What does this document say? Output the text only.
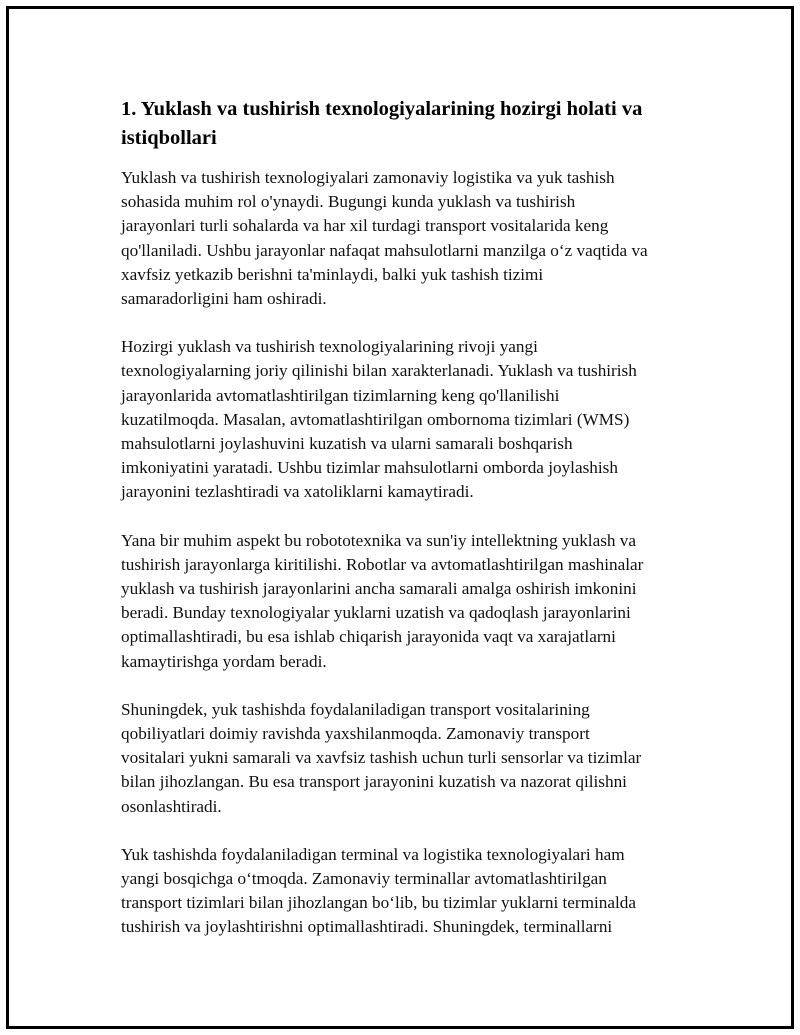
1. Yuklash va tushirish texnologiyalarining hozirgi holati va
istiqbollari

Yuklash va tushirish texnologiyalari zamonaviy logistika va yuk tashish
sohasida muhim rol o'ynaydi. Bugungi kunda yuklash va tushirish
jarayonlari turli sohalarda va har xil turdagi transport vositalarida keng
qo'llaniladi. Ushbu jarayonlar nafaqat mahsulotlarni manzilga o‘z vaqtida va
xavfsiz yetkazib berishni ta'minlaydi, balki yuk tashish tizimi
samaradorligini ham oshiradi.

Hozirgi yuklash va tushirish texnologiyalarining rivoji yangi
texnologiyalarning joriy qilinishi bilan xarakterlanadi. Yuklash va tushirish
jarayonlarida avtomatlashtirilgan tizimlarning keng qo'llanilishi
kuzatilmoqda. Masalan, avtomatlashtirilgan ombornoma tizimlari (WMS)
mahsulotlarni joylashuvini kuzatish va ularni samarali boshqarish
imkoniyatini yaratadi. Ushbu tizimlar mahsulotlarni omborda joylashish
jarayonini tezlashtiradi va xatoliklarni kamaytiradi.

Yana bir muhim aspekt bu robototexnika va sun'iy intellektning yuklash va
tushirish jarayonlarga kiritilishi. Robotlar va avtomatlashtirilgan mashinalar
yuklash va tushirish jarayonlarini ancha samarali amalga oshirish imkonini
beradi. Bunday texnologiyalar yuklarni uzatish va qadoqlash jarayonlarini
optimallashtiradi, bu esa ishlab chiqarish jarayonida vaqt va xarajatlarni
kamaytirishga yordam beradi.

Shuningdek, yuk tashishda foydalaniladigan transport vositalarining
qobiliyatlari doimiy ravishda yaxshilanmoqda. Zamonaviy transport
vositalari yukni samarali va xavfsiz tashish uchun turli sensorlar va tizimlar
bilan jihozlangan. Bu esa transport jarayonini kuzatish va nazorat qilishni
osonlashtiradi.

Yuk tashishda foydalaniladigan terminal va logistika texnologiyalari ham
yangi bosqichga o‘tmoqda. Zamonaviy terminallar avtomatlashtirilgan
transport tizimlari bilan jihozlangan bo‘lib, bu tizimlar yuklarni terminalda
tushirish va joylashtirishni optimallashtiradi. Shuningdek, terminallarni
